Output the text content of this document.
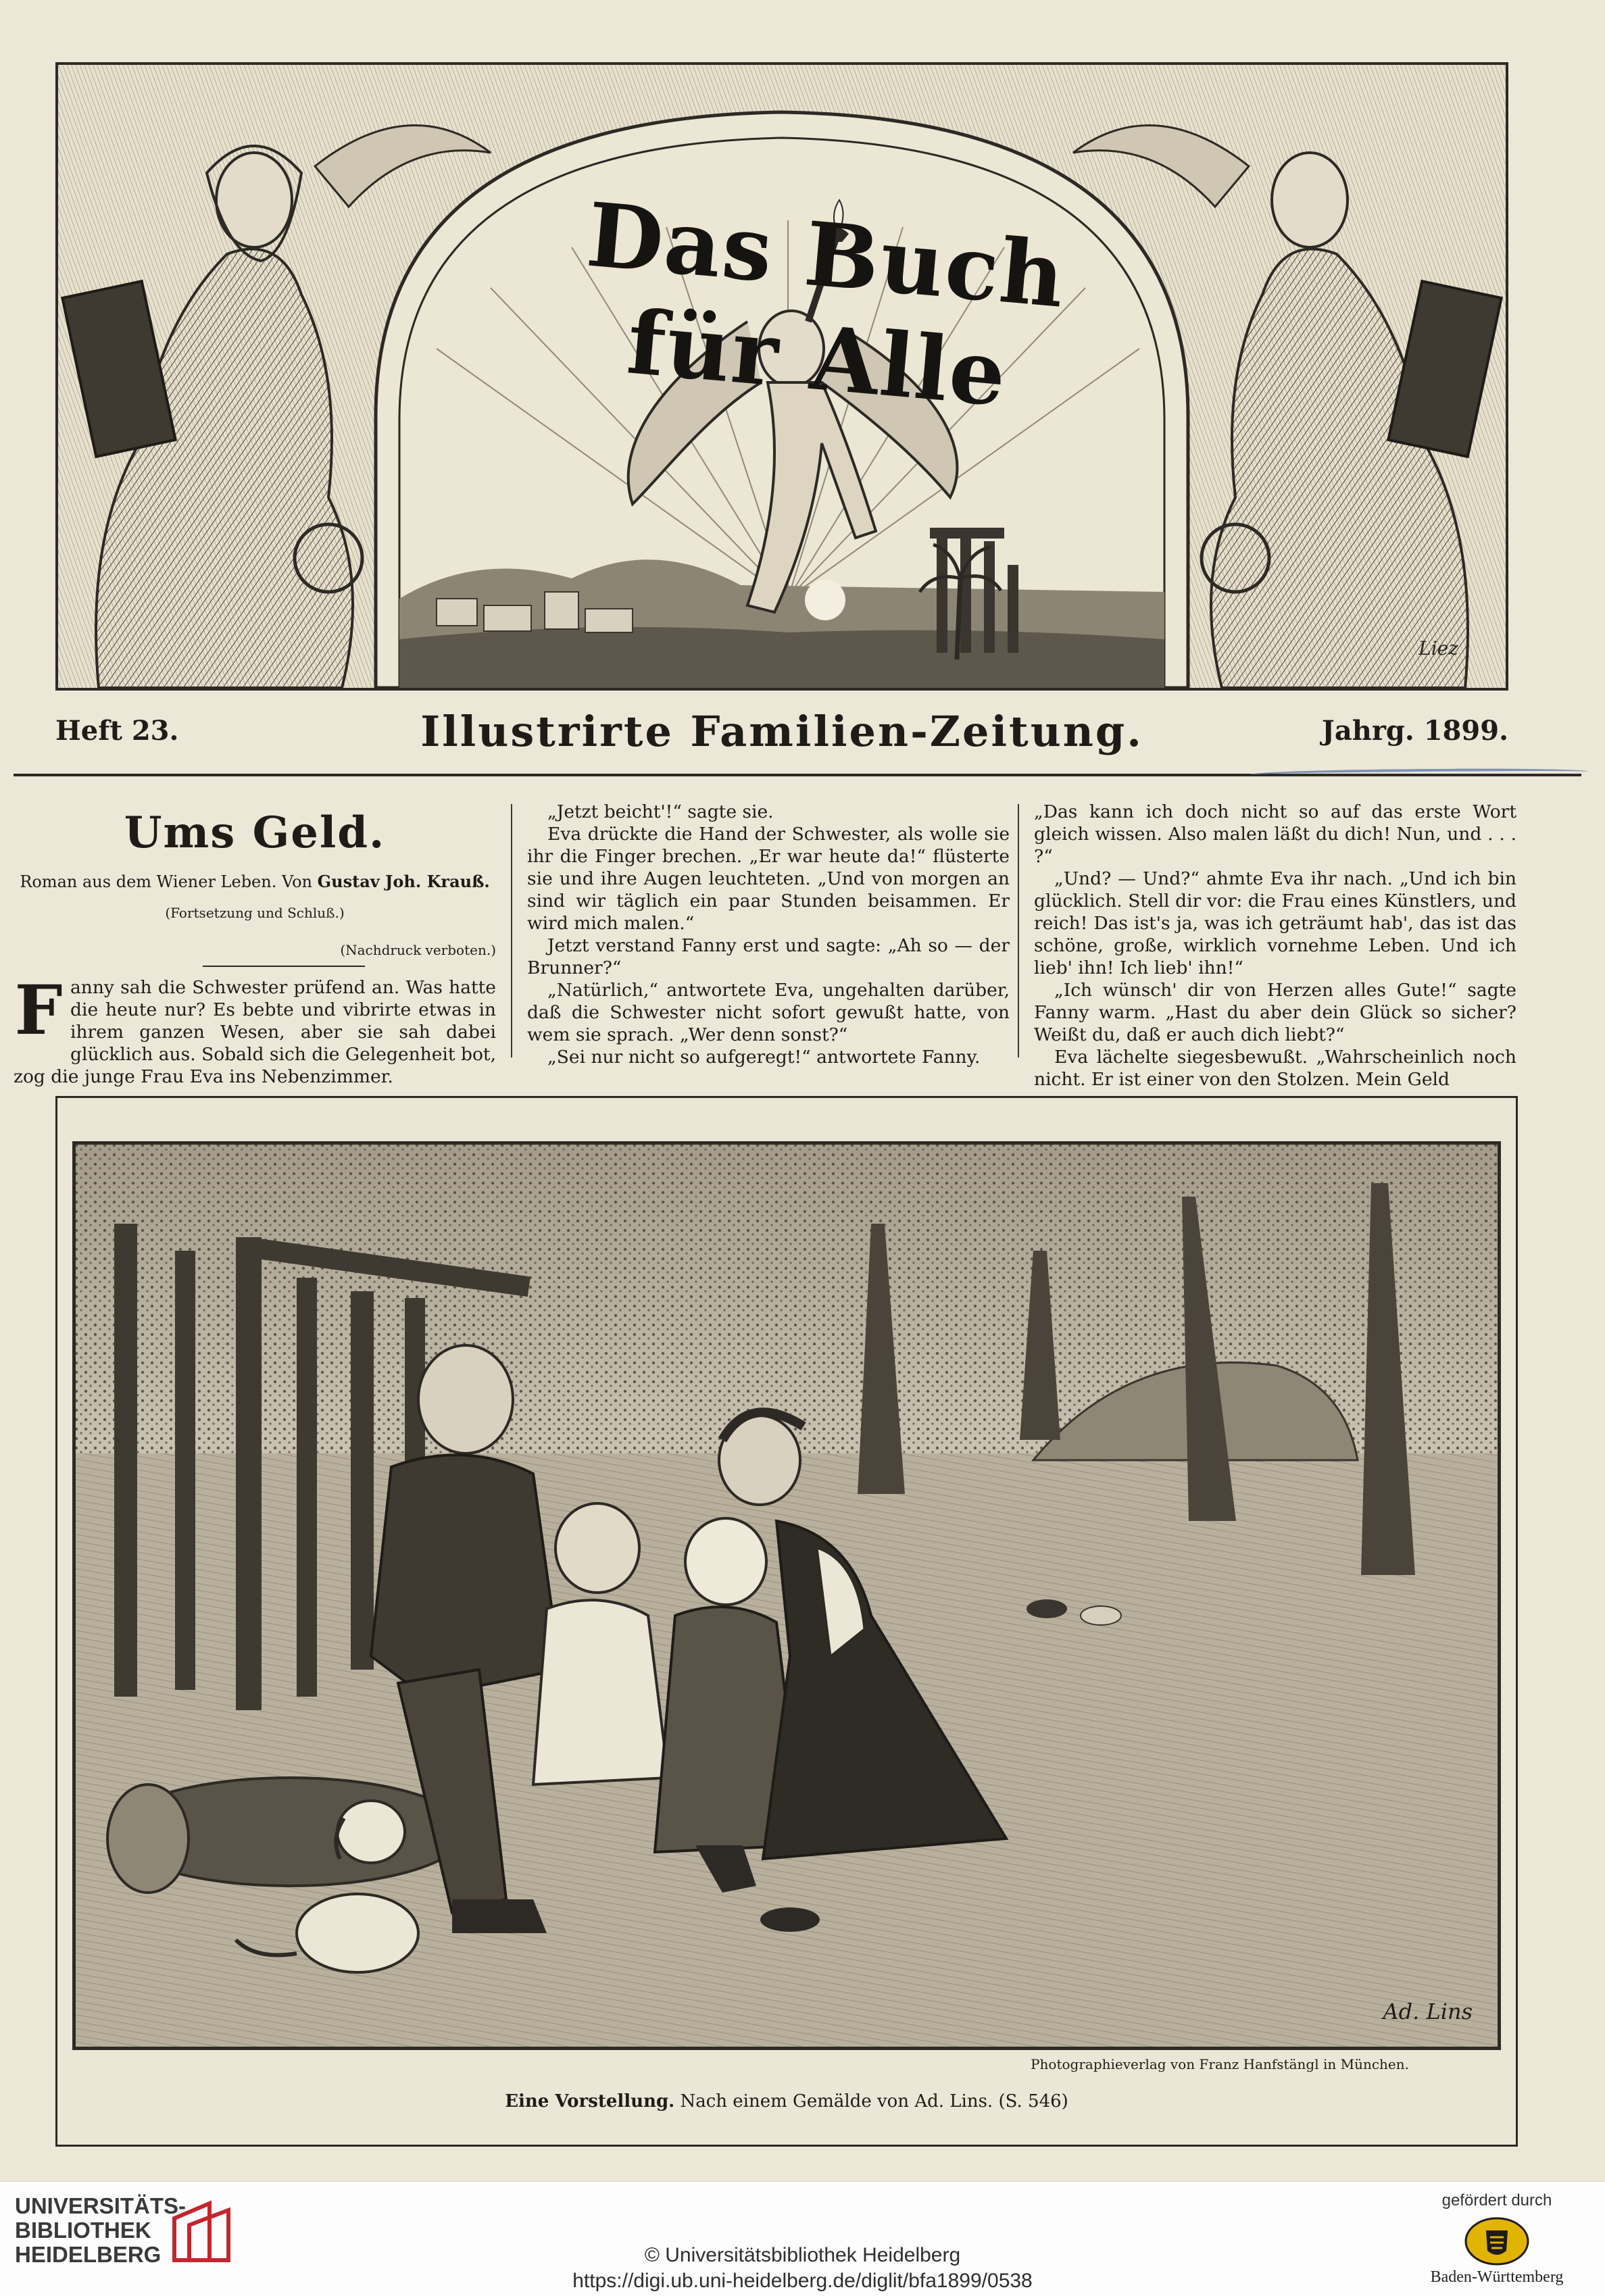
Das Buch für Alle
Liez
Heft 23.	Illustrirte Familien-Zeitung.	Jahrg. 1899.
Ums Geld.
Roman aus dem Wiener Leben. Von Gustav Joh. Krauß.
(Fortsetzung und Schluß.)
(Nachdruck verboten.)
Fanny sah die Schwester prüfend an. Was hatte die heute nur? Es bebte und vibrirte etwas in ihrem ganzen Wesen, aber sie sah dabei glücklich aus. Sobald sich die Gelegenheit bot, zog die junge Frau Eva ins Nebenzimmer.

„Jetzt beicht'!“ sagte sie.

Eva drückte die Hand der Schwester, als wolle sie ihr die Finger brechen. „Er war heute da!“ flüsterte sie und ihre Augen leuchteten. „Und von morgen an sind wir täglich ein paar Stunden beisammen. Er wird mich malen.“

Jetzt verstand Fanny erst und sagte: „Ah so — der Brunner?“

„Natürlich,“ antwortete Eva, ungehalten darüber, daß die Schwester nicht sofort gewußt hatte, von wem sie sprach. „Wer denn sonst?“

„Sei nur nicht so aufgeregt!“ antwortete Fanny.

„Das kann ich doch nicht so auf das erste Wort gleich wissen. Also malen läßt du dich! Nun, und . . . ?“

„Und? — Und?“ ahmte Eva ihr nach. „Und ich bin glücklich. Stell dir vor: die Frau eines Künstlers, und reich! Das ist's ja, was ich geträumt hab', das ist das schöne, große, wirklich vornehme Leben. Und ich lieb' ihn! Ich lieb' ihn!“

„Ich wünsch' dir von Herzen alles Gute!“ sagte Fanny warm. „Hast du aber dein Glück so sicher? Weißt du, daß er auch dich liebt?“

Eva lächelte siegesbewußt. „Wahrscheinlich noch nicht. Er ist einer von den Stolzen. Mein Geld

Ad. Lins
Photographieverlag von Franz Hanfstängl in München.
Eine Vorstellung. Nach einem Gemälde von Ad. Lins. (S. 546)
UNIVERSITÄTS-
BIBLIOTHEK
HEIDELBERG	© Universitätsbibliothek Heidelberg
https://digi.ub.uni-heidelberg.de/diglit/bfa1899/0538
gefördert durch
Baden-Württemberg
